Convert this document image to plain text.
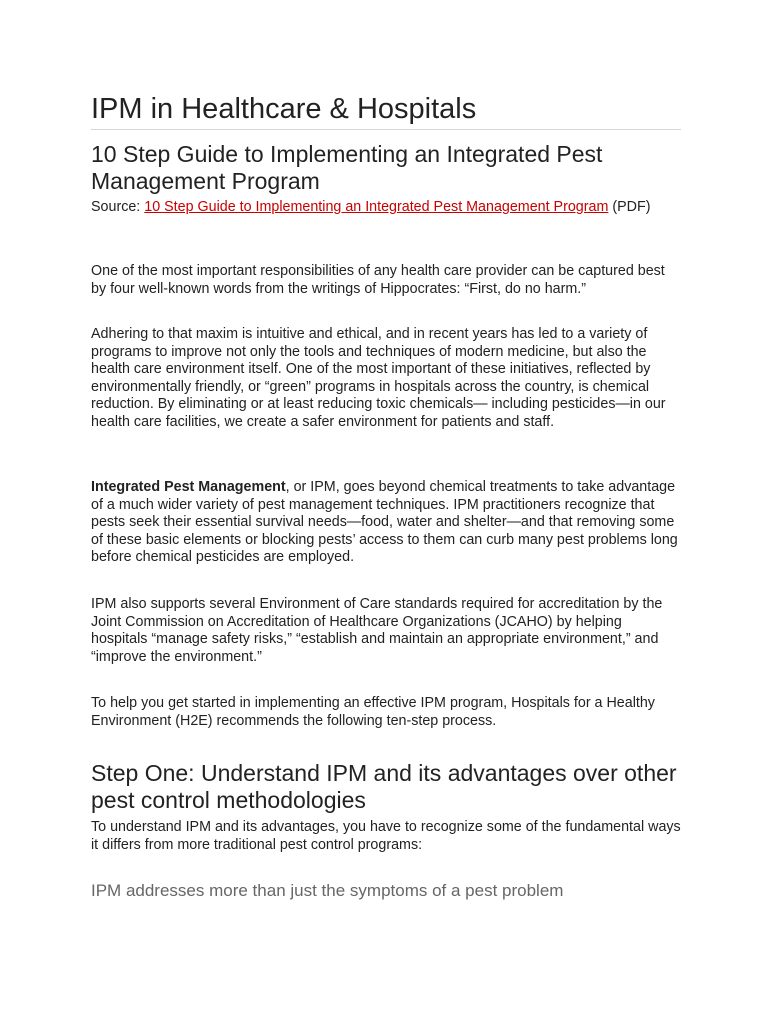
IPM in Healthcare & Hospitals
10 Step Guide to Implementing an Integrated Pest Management Program

Source: 10 Step Guide to Implementing an Integrated Pest Management Program (PDF)

One of the most important responsibilities of any health care provider can be captured best by four well-known words from the writings of Hippocrates: “First, do no harm.”

Adhering to that maxim is intuitive and ethical, and in recent years has led to a variety of programs to improve not only the tools and techniques of modern medicine, but also the health care environment itself. One of the most important of these initiatives, reflected by environmentally friendly, or “green” programs in hospitals across the country, is chemical reduction. By eliminating or at least reducing toxic chemicals— including pesticides—in our health care facilities, we create a safer environment for patients and staff.

Integrated Pest Management, or IPM, goes beyond chemical treatments to take advantage of a much wider variety of pest management techniques. IPM practitioners recognize that pests seek their essential survival needs—food, water and shelter—and that removing some of these basic elements or blocking pests’ access to them can curb many pest problems long before chemical pesticides are employed.

IPM also supports several Environment of Care standards required for accreditation by the Joint Commission on Accreditation of Healthcare Organizations (JCAHO) by helping hospitals “manage safety risks,” “establish and maintain an appropriate environment,” and “improve the environment.”

To help you get started in implementing an effective IPM program, Hospitals for a Healthy Environment (H2E) recommends the following ten-step process.

Step One: Understand IPM and its advantages over other pest control methodologies

To understand IPM and its advantages, you have to recognize some of the fundamental ways it differs from more traditional pest control programs:

IPM addresses more than just the symptoms of a pest problem
